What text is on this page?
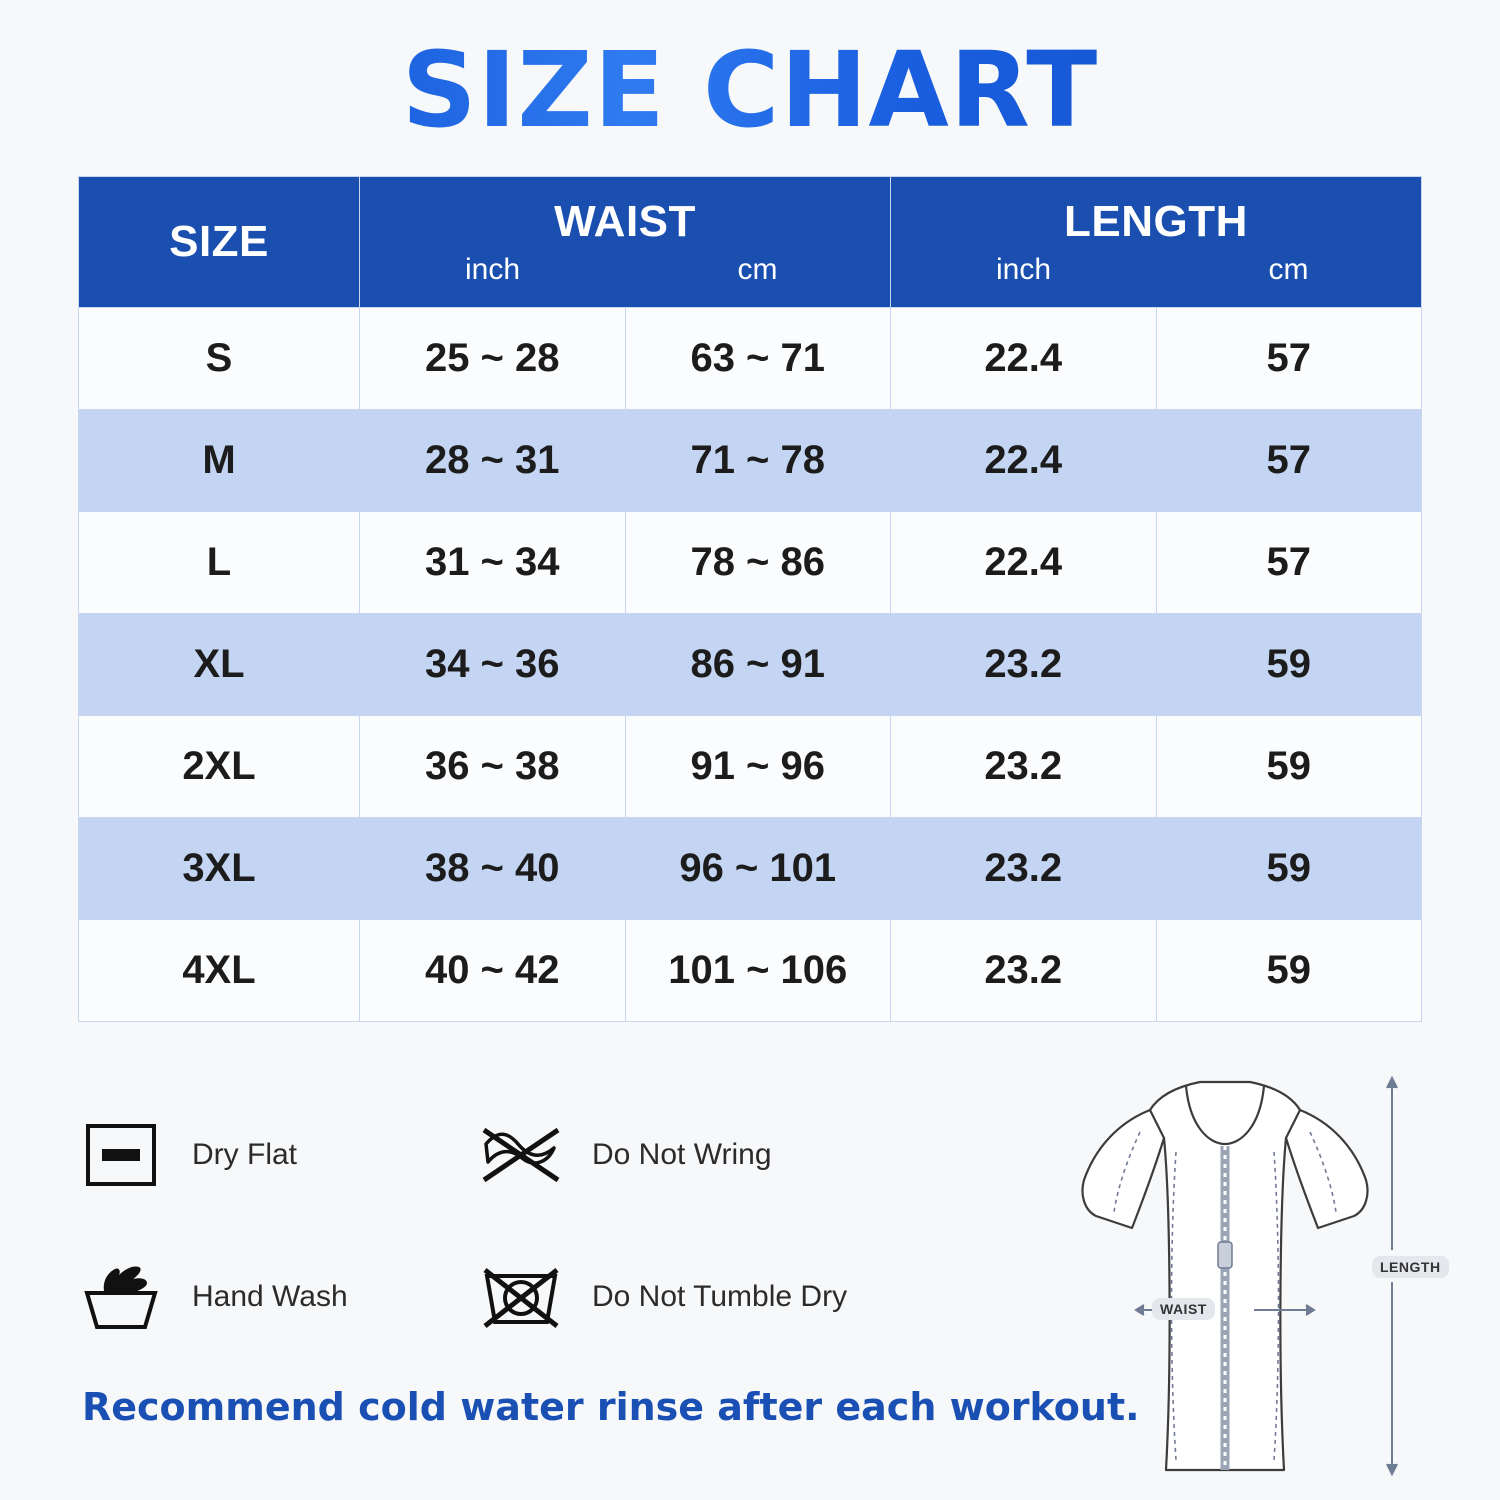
SIZE CHART
SIZE	WAIST
inch cm		LENGTH
inch cm	

S	25 ~ 28	63 ~ 71	22.4	57
M	28 ~ 31	71 ~ 78	22.4	57
L	31 ~ 34	78 ~ 86	22.4	57
XL	34 ~ 36	86 ~ 91	23.2	59
2XL	36 ~ 38	91 ~ 96	23.2	59
3XL	38 ~ 40	96 ~ 101	23.2	59
4XL	40 ~ 42	101 ~ 106	23.2	59
Dry Flat	Do Not Wring
Hand Wash	Do Not Tumble Dry
Recommend cold water rinse after each workout.
WAIST
LENGTH
